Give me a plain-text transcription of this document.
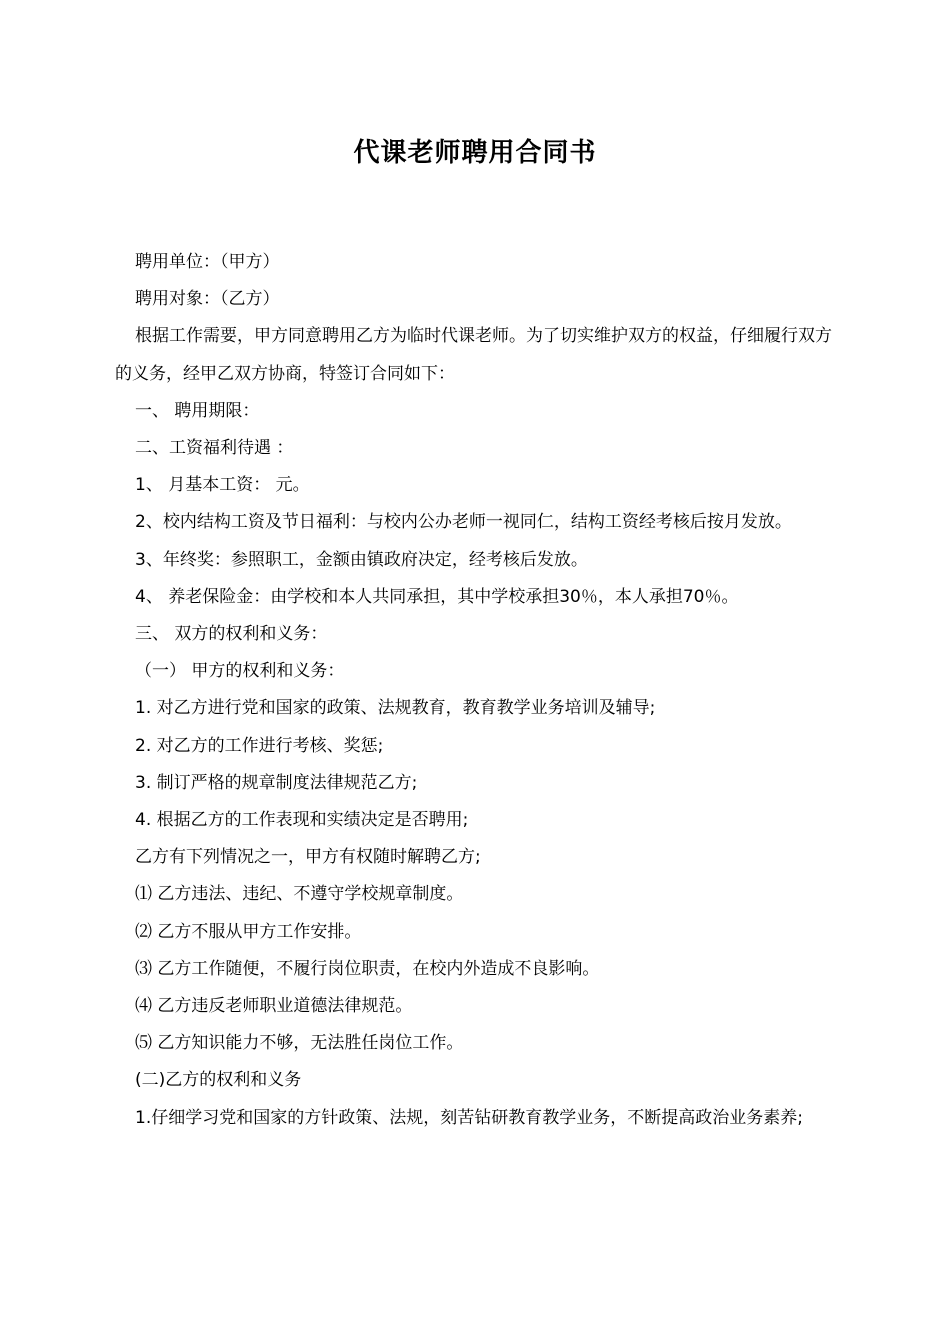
代课老师聘用合同书

聘用单位：（甲方）

聘用对象：（乙方）

根据工作需要，甲方同意聘用乙方为临时代课老师。为了切实维护双方的权益，仔细履行双方的义务，经甲乙双方协商，特签订合同如下：

一、 聘用期限：

二、工资福利待遇 ：

1、 月基本工资： 元。

2、校内结构工资及节日福利：与校内公办老师一视同仁，结构工资经考核后按月发放。

3、年终奖：参照职工，金额由镇政府决定，经考核后发放。

4、 养老保险金：由学校和本人共同承担，其中学校承担30％，本人承担70％。

三、 双方的权利和义务：

（一） 甲方的权利和义务：

1. 对乙方进行党和国家的政策、法规教育，教育教学业务培训及辅导;

2. 对乙方的工作进行考核、奖惩;

3. 制订严格的规章制度法律规范乙方;

4. 根据乙方的工作表现和实绩决定是否聘用;

乙方有下列情况之一，甲方有权随时解聘乙方;

⑴ 乙方违法、违纪、不遵守学校规章制度。

⑵ 乙方不服从甲方工作安排。

⑶ 乙方工作随便，不履行岗位职责，在校内外造成不良影响。

⑷ 乙方违反老师职业道德法律规范。

⑸ 乙方知识能力不够，无法胜任岗位工作。

(二)乙方的权利和义务

1.仔细学习党和国家的方针政策、法规，刻苦钻研教育教学业务，不断提高政治业务素养;
